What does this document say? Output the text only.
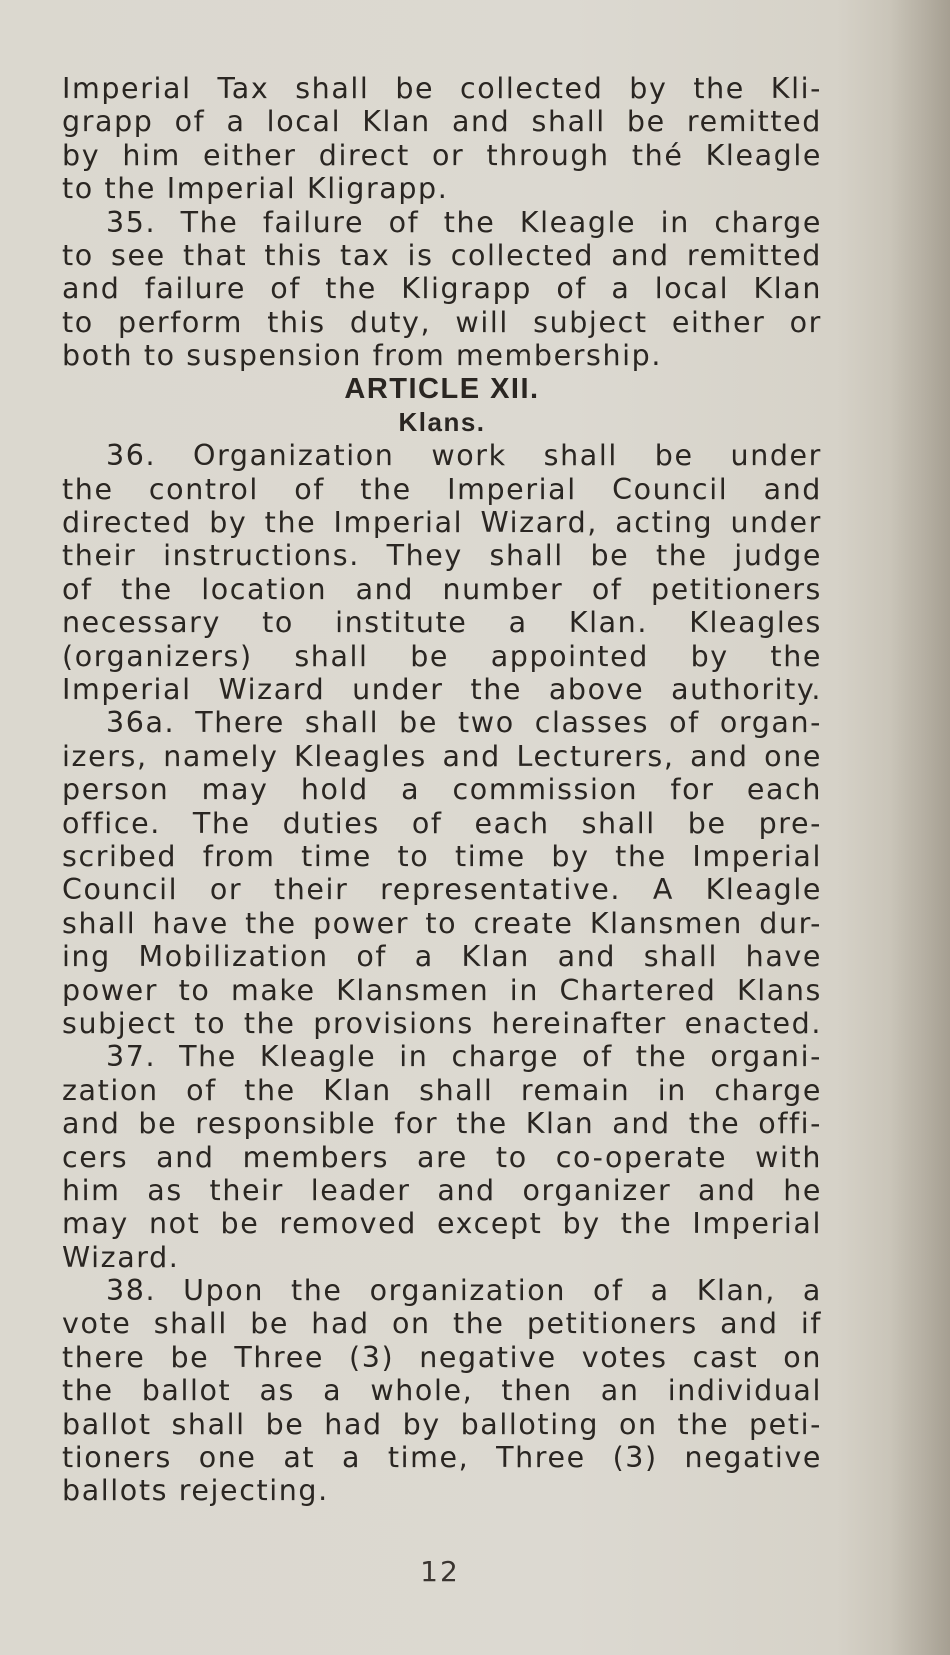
Imperial Tax shall be collected by the Kli-
grapp of a local Klan and shall be remitted
by him either direct or through thé Kleagle
to the Imperial Kligrapp.
35. The failure of the Kleagle in charge
to see that this tax is collected and remitted
and failure of the Kligrapp of a local Klan
to perform this duty, will subject either or
both to suspension from membership.
ARTICLE XII.
Klans.
36. Organization work shall be under
the control of the Imperial Council and
directed by the Imperial Wizard, acting under
their instructions. They shall be the judge
of the location and number of petitioners
necessary to institute a Klan. Kleagles
(organizers) shall be appointed by the
Imperial Wizard under the above authority.
36a. There shall be two classes of organ-
izers, namely Kleagles and Lecturers, and one
person may hold a commission for each
office. The duties of each shall be pre-
scribed from time to time by the Imperial
Council or their representative. A Kleagle
shall have the power to create Klansmen dur-
ing Mobilization of a Klan and shall have
power to make Klansmen in Chartered Klans
subject to the provisions hereinafter enacted.
37. The Kleagle in charge of the organi-
zation of the Klan shall remain in charge
and be responsible for the Klan and the offi-
cers and members are to co-operate with
him as their leader and organizer and he
may not be removed except by the Imperial
Wizard.
38. Upon the organization of a Klan, a
vote shall be had on the petitioners and if
there be Three (3) negative votes cast on
the ballot as a whole, then an individual
ballot shall be had by balloting on the peti-
tioners one at a time, Three (3) negative
ballots rejecting.
12
